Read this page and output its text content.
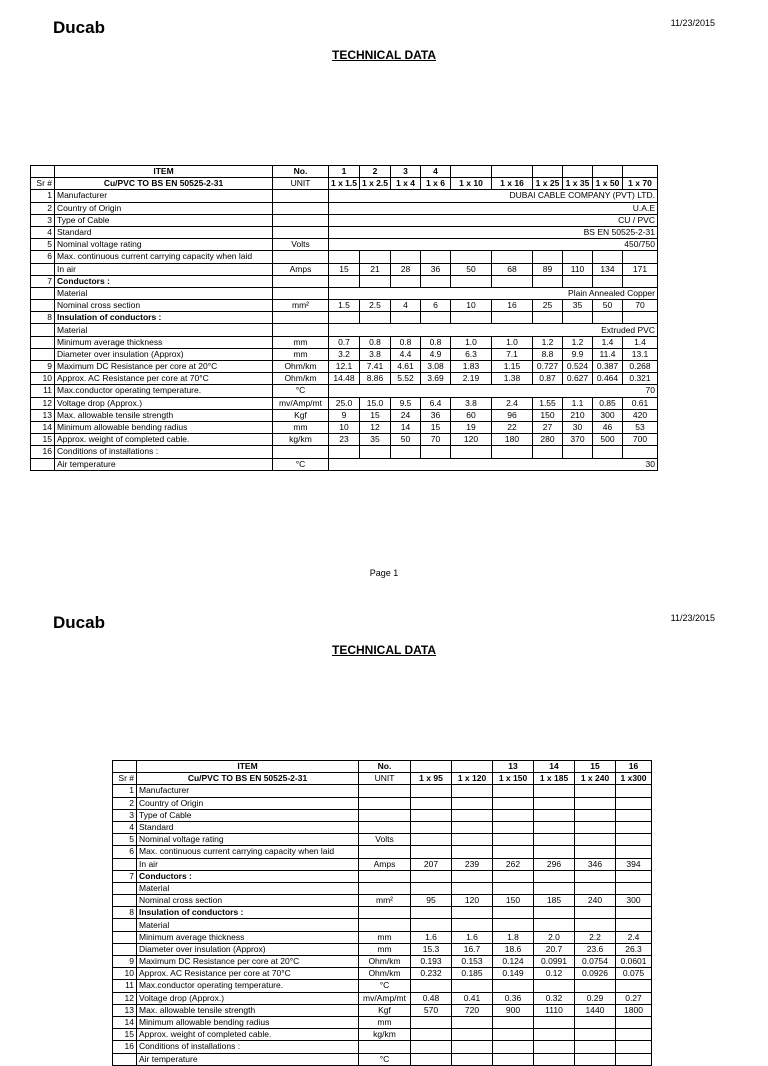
Ducab	11/23/2015
TECHNICAL DATA
	ITEM	No.	1	2	3	4						
Sr #	Cu/PVC TO BS EN 50525-2-31	UNIT	1 x 1.5	1 x 2.5	1 x 4	1 x 6	1 x 10	1 x 16	1 x 25	1 x 35	1 x 50	1 x 70
1	Manufacturer		DUBAI CABLE COMPANY (PVT) LTD.									
2	Country of Origin		U.A.E									
3	Type of Cable		CU / PVC									
4	Standard		BS EN 50525-2-31									
5	Nominal voltage rating	Volts	450/750									
6	Max. continuous current carrying capacity when laid											
	In air	Amps	15	21	28	36	50	68	89	110	134	171
7	Conductors :											
	Material		Plain Annealed Copper									
	Nominal cross section	mm²	1.5	2.5	4	6	10	16	25	35	50	70
8	Insulation of conductors :											
	Material		Extruded PVC									
	Minimum average thickness	mm	0.7	0.8	0.8	0.8	1.0	1.0	1.2	1.2	1.4	1.4
	Diameter over insulation (Approx)	mm	3.2	3.8	4.4	4.9	6.3	7.1	8.8	9.9	11.4	13.1
9	Maximum DC Resistance per core at 20°C	Ohm/km	12.1	7.41	4.61	3.08	1.83	1.15	0.727	0.524	0.387	0.268
10	Approx. AC Resistance per core at 70°C	Ohm/km	14.48	8.86	5.52	3.69	2.19	1.38	0.87	0.627	0.464	0.321
11	Max.conductor operating temperature.	°C	70									
12	Voltage drop (Approx.)	mv/Amp/mt	25.0	15.0	9.5	6.4	3.8	2.4	1.55	1.1	0.85	0.61
13	Max. allowable tensile strength	Kgf	9	15	24	36	60	96	150	210	300	420
14	Minimum allowable bending radius	mm	10	12	14	15	19	22	27	30	46	53
15	Approx. weight of completed cable.	kg/km	23	35	50	70	120	180	280	370	500	700
16	Conditions of installations :											
	Air temperature	°C	30									
Page 1
Ducab	11/23/2015
TECHNICAL DATA
	ITEM	No.			13	14	15	16
Sr #	Cu/PVC TO BS EN 50525-2-31	UNIT	1 x 95	1 x 120	1 x 150	1 x 185	1 x 240	1 x300
1	Manufacturer							
2	Country of Origin							
3	Type of Cable							
4	Standard							
5	Nominal voltage rating	Volts						
6	Max. continuous current carrying capacity when laid							
	In air	Amps	207	239	262	296	346	394
7	Conductors :							
	Material							
	Nominal cross section	mm²	95	120	150	185	240	300
8	Insulation of conductors :							
	Material							
	Minimum average thickness	mm	1.6	1.6	1.8	2.0	2.2	2.4
	Diameter over insulation (Approx)	mm	15.3	16.7	18.6	20.7	23.6	26.3
9	Maximum DC Resistance per core at 20°C	Ohm/km	0.193	0.153	0.124	0.0991	0.0754	0.0601
10	Approx. AC Resistance per core at 70°C	Ohm/km	0.232	0.185	0.149	0.12	0.0926	0.075
11	Max.conductor operating temperature.	°C						
12	Voltage drop (Approx.)	mv/Amp/mt	0.48	0.41	0.36	0.32	0.29	0.27
13	Max. allowable tensile strength	Kgf	570	720	900	1110	1440	1800
14	Minimum allowable bending radius	mm						
15	Approx. weight of completed cable.	kg/km						
16	Conditions of installations :							
	Air temperature	°C						
